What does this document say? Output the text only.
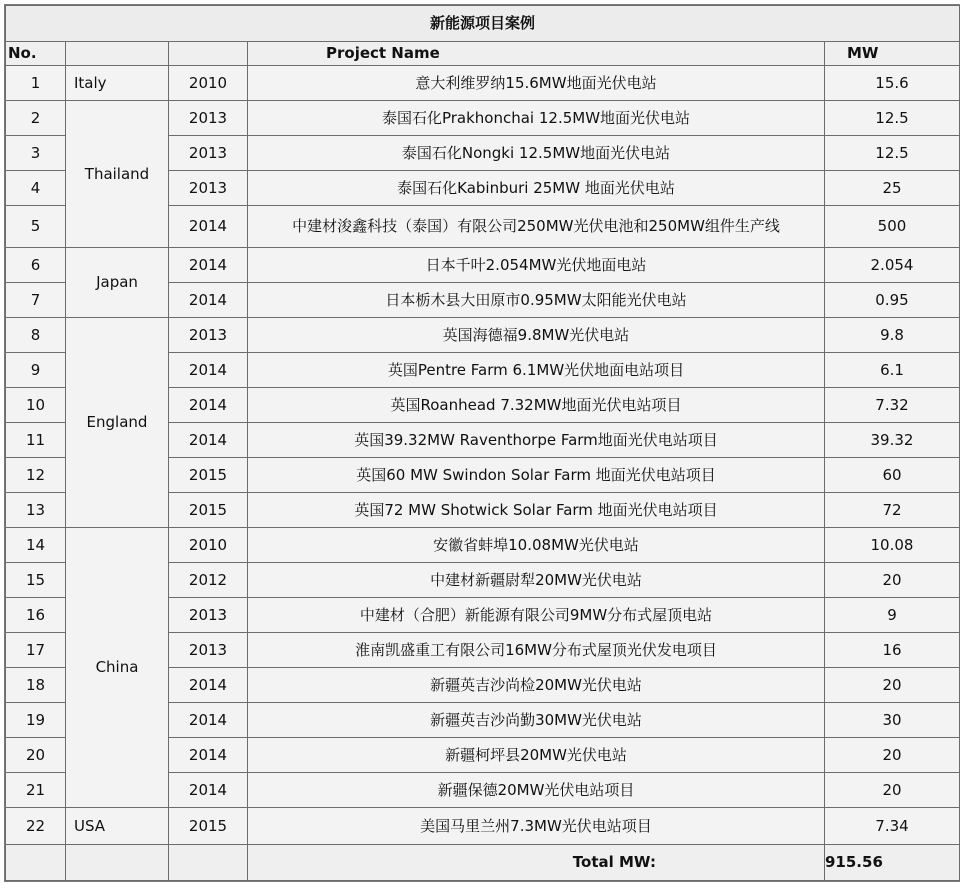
新能源项目案例				
No.			Project Name	MW
1	Italy	2010	意大利维罗纳15.6MW地面光伏电站	15.6
2	Thailand	2013	泰国石化Prakhonchai 12.5MW地面光伏电站	12.5
3		2013	泰国石化Nongki 12.5MW地面光伏电站	12.5
4		2013	泰国石化Kabinburi 25MW 地面光伏电站	25
5		2014	中建材浚鑫科技（泰国）有限公司250MW光伏电池和250MW组件生产线	500
6	Japan	2014	日本千叶2.054MW光伏地面电站	2.054
7		2014	日本栃木县大田原市0.95MW太阳能光伏电站	0.95
8	England	2013	英国海德福9.8MW光伏电站	9.8
9		2014	英国Pentre Farm 6.1MW光伏地面电站项目	6.1
10		2014	英国Roanhead 7.32MW地面光伏电站项目	7.32
11		2014	英国39.32MW Raventhorpe Farm地面光伏电站项目	39.32
12		2015	英国60 MW Swindon Solar Farm 地面光伏电站项目	60
13		2015	英国72 MW Shotwick Solar Farm 地面光伏电站项目	72
14	China	2010	安徽省蚌埠10.08MW光伏电站	10.08
15		2012	中建材新疆尉犁20MW光伏电站	20
16		2013	中建材（合肥）新能源有限公司9MW分布式屋顶电站	9
17		2013	淮南凯盛重工有限公司16MW分布式屋顶光伏发电项目	16
18		2014	新疆英吉沙尚检20MW光伏电站	20
19		2014	新疆英吉沙尚勤30MW光伏电站	30
20		2014	新疆柯坪县20MW光伏电站	20
21		2014	新疆保德20MW光伏电站项目	20
22	USA	2015	美国马里兰州7.3MW光伏电站项目	7.34
			Total MW:	915.56
